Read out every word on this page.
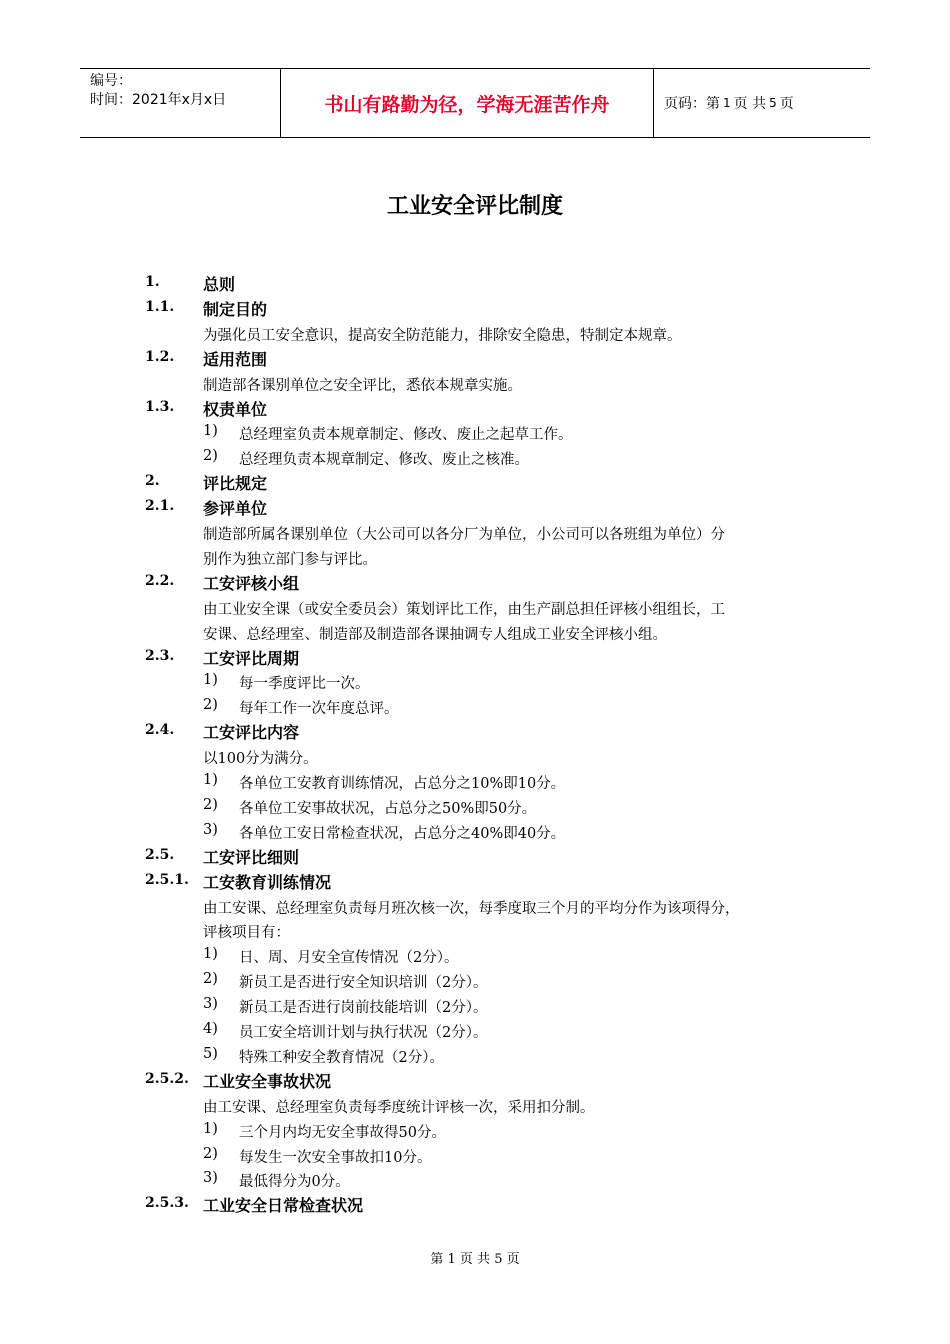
编号：
时间：2021年x月x日	书山有路勤为径，学海无涯苦作舟	页码：第 1 页 共 5 页
工业安全评比制度
1.	总则
1.1. 制定目的
为强化员工安全意识，提高安全防范能力，排除安全隐患，特制定本规章。
1.2. 适用范围
制造部各课别单位之安全评比，悉依本规章实施。
1.3. 权责单位
1) 总经理室负责本规章制定、修改、废止之起草工作。
2) 总经理负责本规章制定、修改、废止之核准。
2.	评比规定
2.1. 参评单位
制造部所属各课别单位（大公司可以各分厂为单位，小公司可以各班组为单位）分
别作为独立部门参与评比。
2.2. 工安评核小组
由工业安全课（或安全委员会）策划评比工作，由生产副总担任评核小组组长，工
安课、总经理室、制造部及制造部各课抽调专人组成工业安全评核小组。
2.3. 工安评比周期
1) 每一季度评比一次。
2) 每年工作一次年度总评。
2.4. 工安评比内容
以100分为满分。
1) 各单位工安教育训练情况，占总分之10%即10分。
2) 各单位工安事故状况，占总分之50%即50分。
3) 各单位工安日常检查状况，占总分之40%即40分。
2.5. 工安评比细则
2.5.1. 工安教育训练情况
由工安课、总经理室负责每月班次核一次，每季度取三个月的平均分作为该项得分，
评核项目有：
1) 日、周、月安全宣传情况（2分）。
2) 新员工是否进行安全知识培训（2分）。
3) 新员工是否进行岗前技能培训（2分）。
4) 员工安全培训计划与执行状况（2分）。
5) 特殊工种安全教育情况（2分）。
2.5.2. 工业安全事故状况
由工安课、总经理室负责每季度统计评核一次，采用扣分制。
1) 三个月内均无安全事故得50分。
2) 每发生一次安全事故扣10分。
3) 最低得分为0分。
2.5.3. 工业安全日常检查状况
第 1 页 共 5 页
